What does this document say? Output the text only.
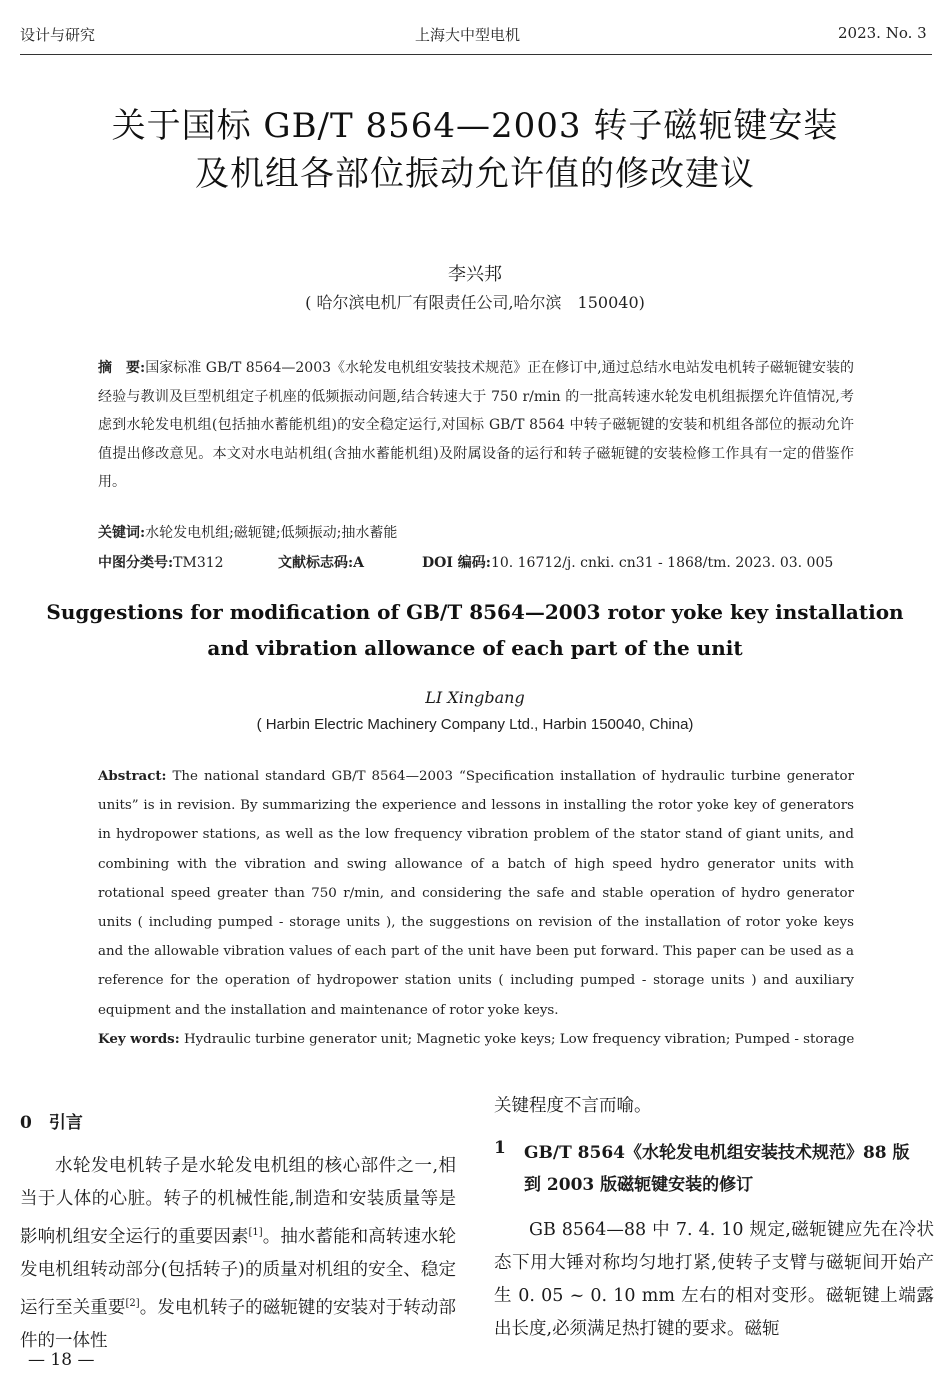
设计与研究	上海大中型电机	2023. No. 3
关于国标 GB/T 8564—2003 转子磁轭键安装
及机组各部位振动允许值的修改建议
李兴邦
( 哈尔滨电机厂有限责任公司,哈尔滨　150040)
摘　要:国家标准 GB/T 8564—2003《水轮发电机组安装技术规范》正在修订中,通过总结水电站发电机转子磁轭键安装的经验与教训及巨型机组定子机座的低频振动问题,结合转速大于 750 r/min 的一批高转速水轮发电机组振摆允许值情况,考虑到水轮发电机组(包括抽水蓄能机组)的安全稳定运行,对国标 GB/T 8564 中转子磁轭键的安装和机组各部位的振动允许值提出修改意见。本文对水电站机组(含抽水蓄能机组)及附属设备的运行和转子磁轭键的安装检修工作具有一定的借鉴作用。
关键词:水轮发电机组;磁轭键;低频振动;抽水蓄能
中图分类号:TM312	文献标志码:A	DOI 编码:10. 16712/j. cnki. cn31 - 1868/tm. 2023. 03. 005
Suggestions for modification of GB/T 8564—2003 rotor yoke key installation
and vibration allowance of each part of the unit
LI Xingbang
( Harbin Electric Machinery Company Ltd., Harbin 150040, China)
Abstract: The national standard GB/T 8564—2003 “Specification installation of hydraulic turbine generator units” is in revision. By summarizing the experience and lessons in installing the rotor yoke key of generators in hydropower stations, as well as the low frequency vibration problem of the stator stand of giant units, and combining with the vibration and swing allowance of a batch of high speed hydro generator units with rotational speed greater than 750 r/min, and considering the safe and stable operation of hydro generator units ( including pumped - storage units ), the suggestions on revision of the installation of rotor yoke keys and the allowable vibration values of each part of the unit have been put forward. This paper can be used as a reference for the operation of hydropower station units ( including pumped - storage units ) and auxiliary equipment and the installation and maintenance of rotor yoke keys.
Key words: Hydraulic turbine generator unit; Magnetic yoke keys; Low frequency vibration; Pumped - storage
0　引言
水轮发电机转子是水轮发电机组的核心部件之一,相当于人体的心脏。转子的机械性能,制造和安装质量等是影响机组安全运行的重要因素[1]。抽水蓄能和高转速水轮发电机组转动部分(包括转子)的质量对机组的安全、稳定运行至关重要[2]。发电机转子的磁轭键的安装对于转动部件的一体性
关键程度不言而喻。
1 GB/T 8564《水轮发电机组安装技术规范》88 版
到 2003 版磁轭键安装的修订
GB 8564—88 中 7. 4. 10 规定,磁轭键应先在冷状态下用大锤对称均匀地打紧,使转子支臂与磁轭间开始产生 0. 05 ~ 0. 10 mm 左右的相对变形。磁轭键上端露出长度,必须满足热打键的要求。磁轭
— 18 —
